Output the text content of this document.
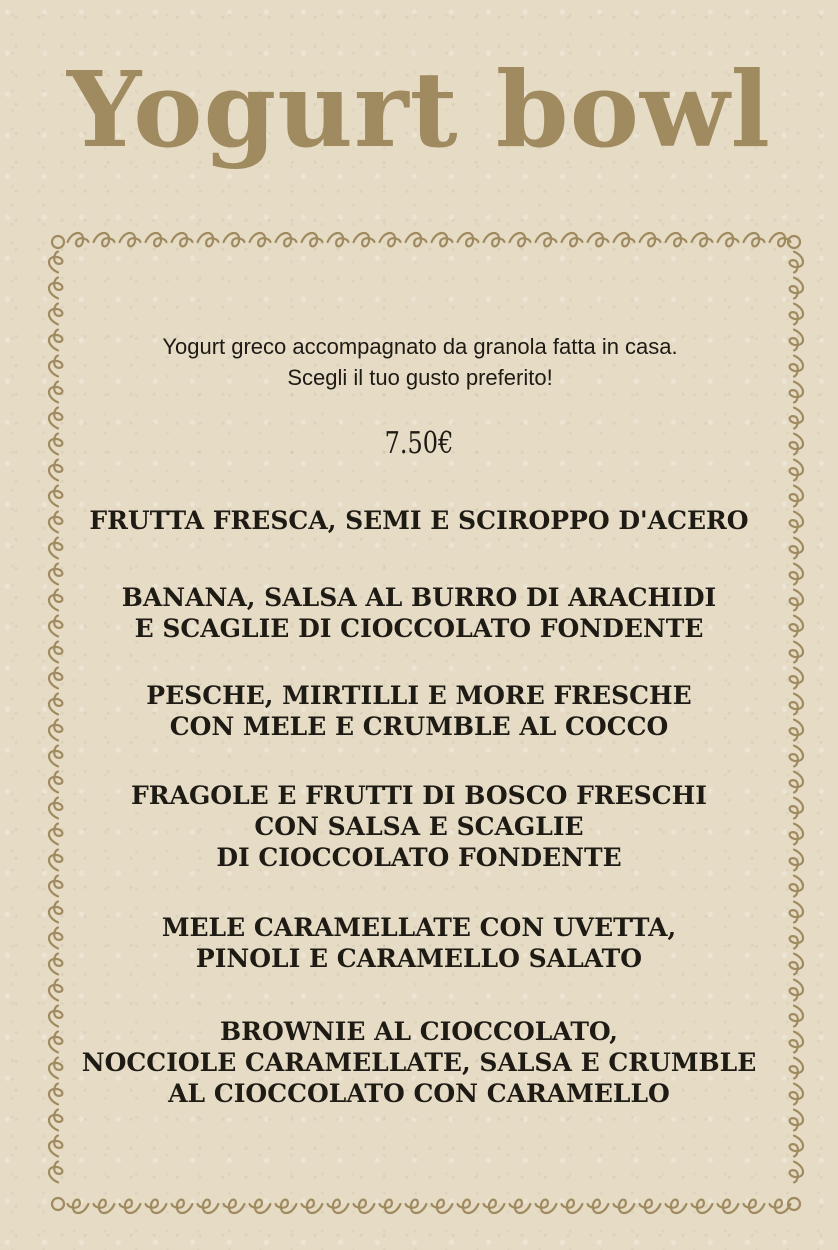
Yogurt bowl
Yogurt greco accompagnato da granola fatta in casa.
Scegli il tuo gusto preferito!
7.50€
FRUTTA FRESCA, SEMI E SCIROPPO D'ACERO
BANANA, SALSA AL BURRO DI ARACHIDI
E SCAGLIE DI CIOCCOLATO FONDENTE
PESCHE, MIRTILLI E MORE FRESCHE
CON MELE E CRUMBLE AL COCCO
FRAGOLE E FRUTTI DI BOSCO FRESCHI
CON SALSA E SCAGLIE
DI CIOCCOLATO FONDENTE
MELE CARAMELLATE CON UVETTA,
PINOLI E CARAMELLO SALATO
BROWNIE AL CIOCCOLATO,
NOCCIOLE CARAMELLATE, SALSA E CRUMBLE
AL CIOCCOLATO CON CARAMELLO
